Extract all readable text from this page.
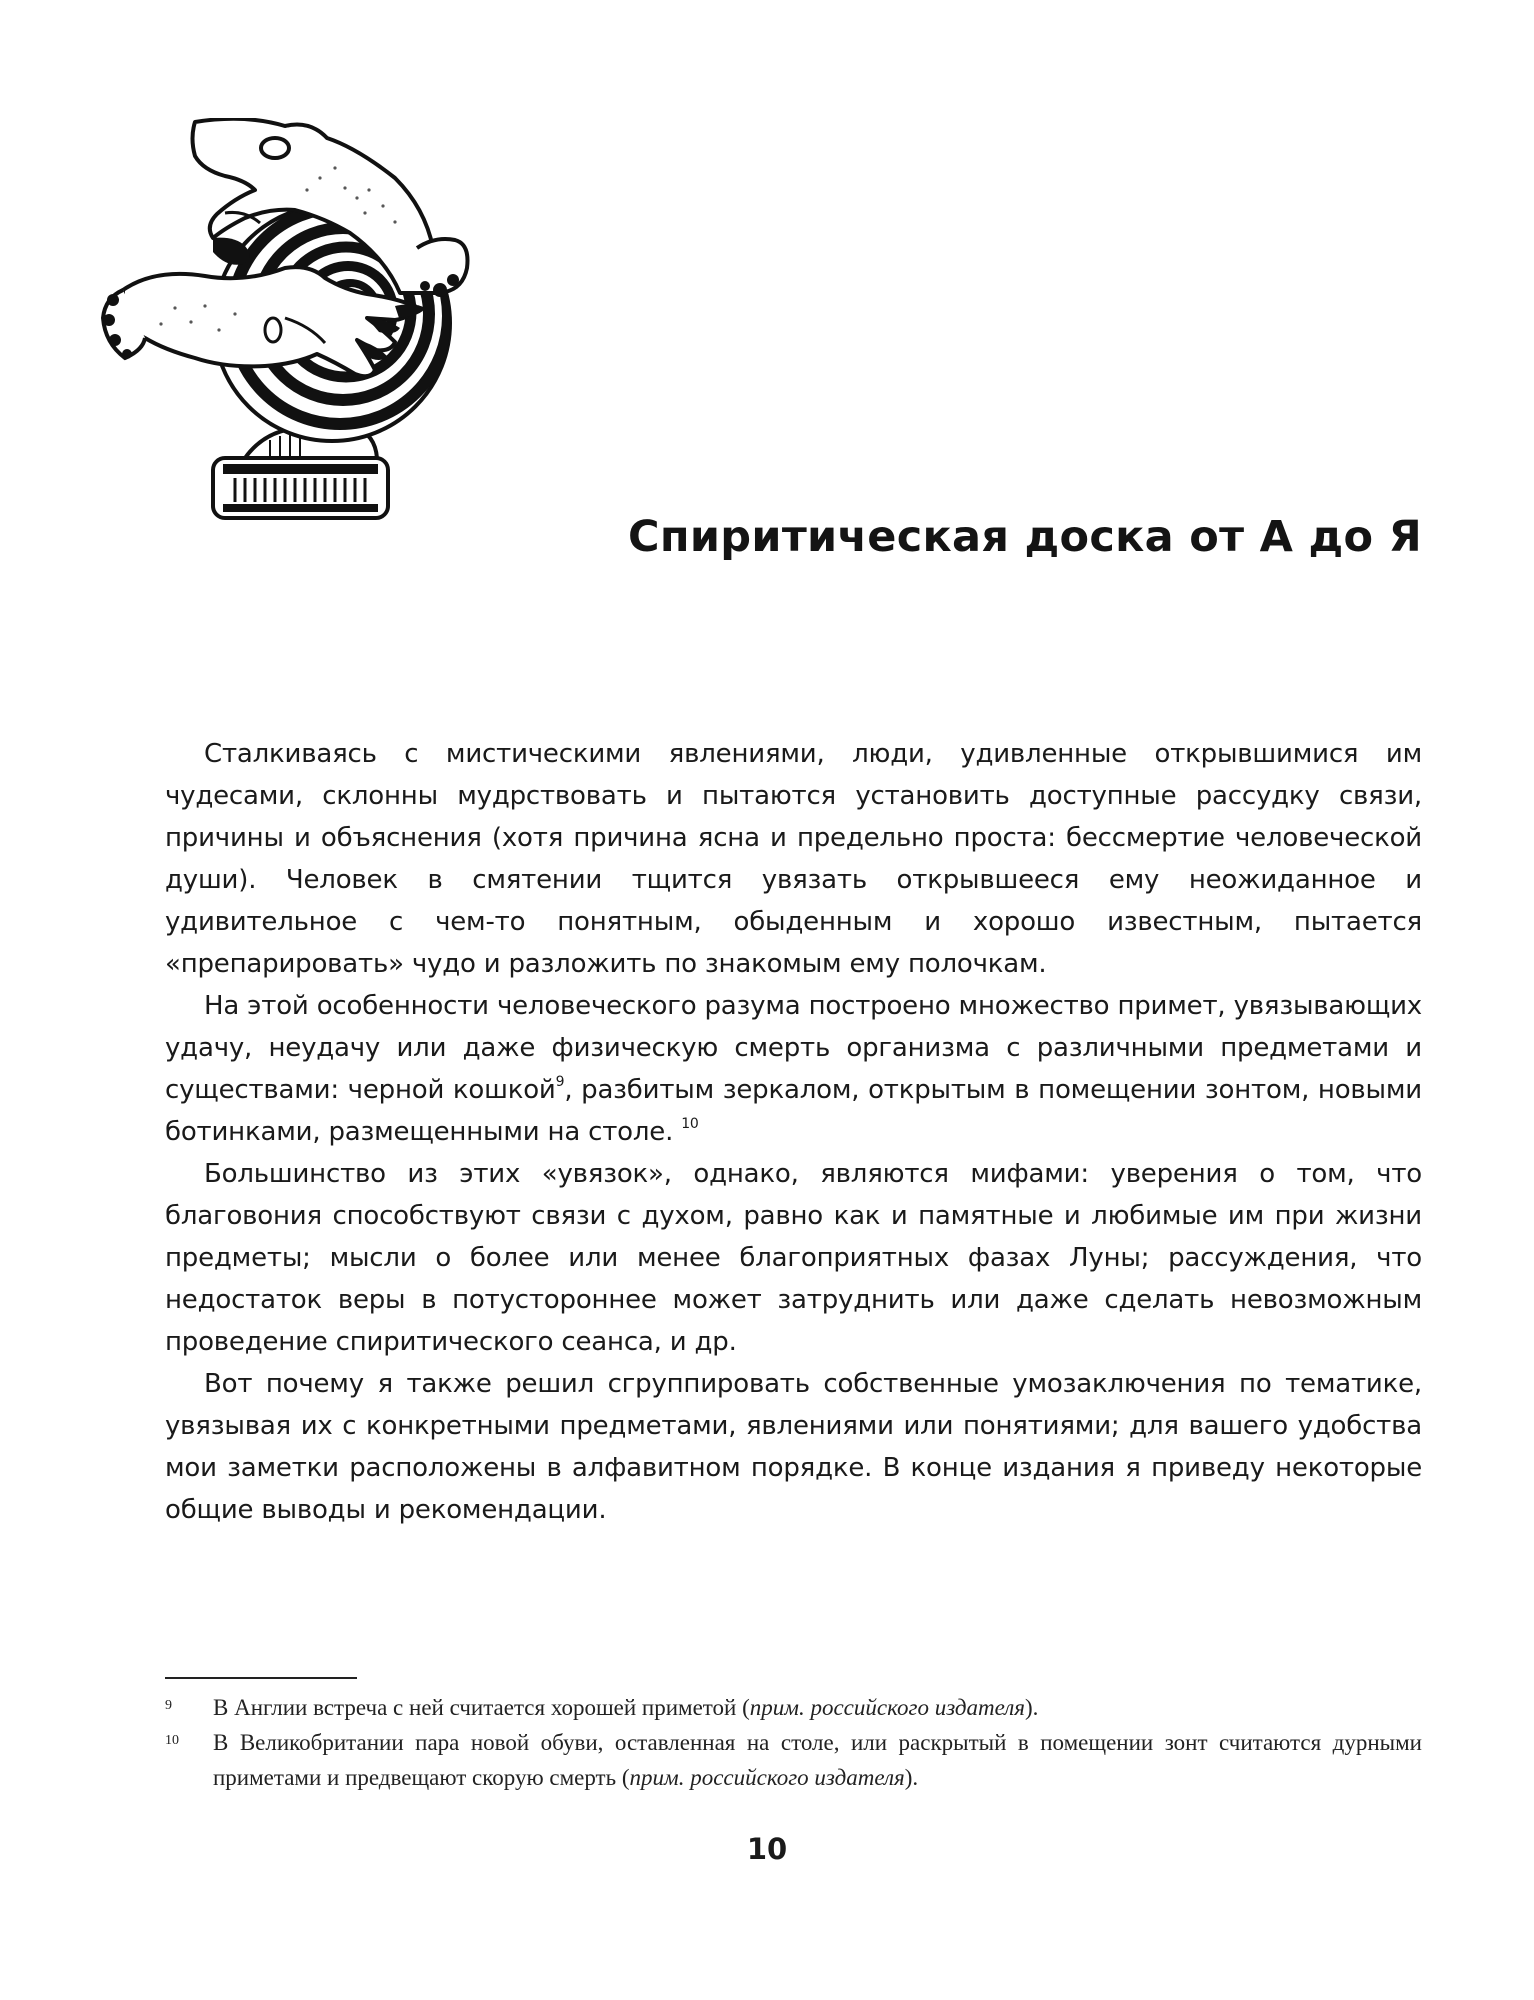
Спиритическая доска от А до Я

Сталкиваясь с мистическими явлениями, люди, удивленные открывшимися им чудесами, склонны мудрствовать и пытаются установить доступные рассудку связи, причины и объяснения (хотя причина ясна и предельно проста: бессмертие человеческой души). Человек в смятении тщится увязать открывшееся ему неожиданное и удивительное с чем-то понятным, обыденным и хорошо известным, пытается «препарировать» чудо и разложить по знакомым ему полочкам.

На этой особенности человеческого разума построено множество примет, увязывающих удачу, неудачу или даже физическую смерть организма с различными предметами и существами: черной кошкой$^9$, разбитым зеркалом, открытым в помещении зонтом, новыми ботинками, размещенными на столе. $^{10}$

Большинство из этих «увязок», однако, являются мифами: уверения о том, что благовония способствуют связи с духом, равно как и памятные и любимые им при жизни предметы; мысли о более или менее благоприятных фазах Луны; рассуждения, что недостаток веры в потустороннее может затруднить или даже сделать невозможным проведение спиритического сеанса, и др.

Вот почему я также решил сгруппировать собственные умозаключения по тематике, увязывая их с конкретными предметами, явлениями или понятиями; для вашего удобства мои заметки расположены в алфавитном порядке. В конце издания я приведу некоторые общие выводы и рекомендации.

9 В Англии встреча с ней считается хорошей приметой (прим. российского издателя).
10 В Великобритании пара новой обуви, оставленная на столе, или раскрытый в помещении зонт считаются дурными приметами и предвещают скорую смерть (прим. российского издателя).
10
